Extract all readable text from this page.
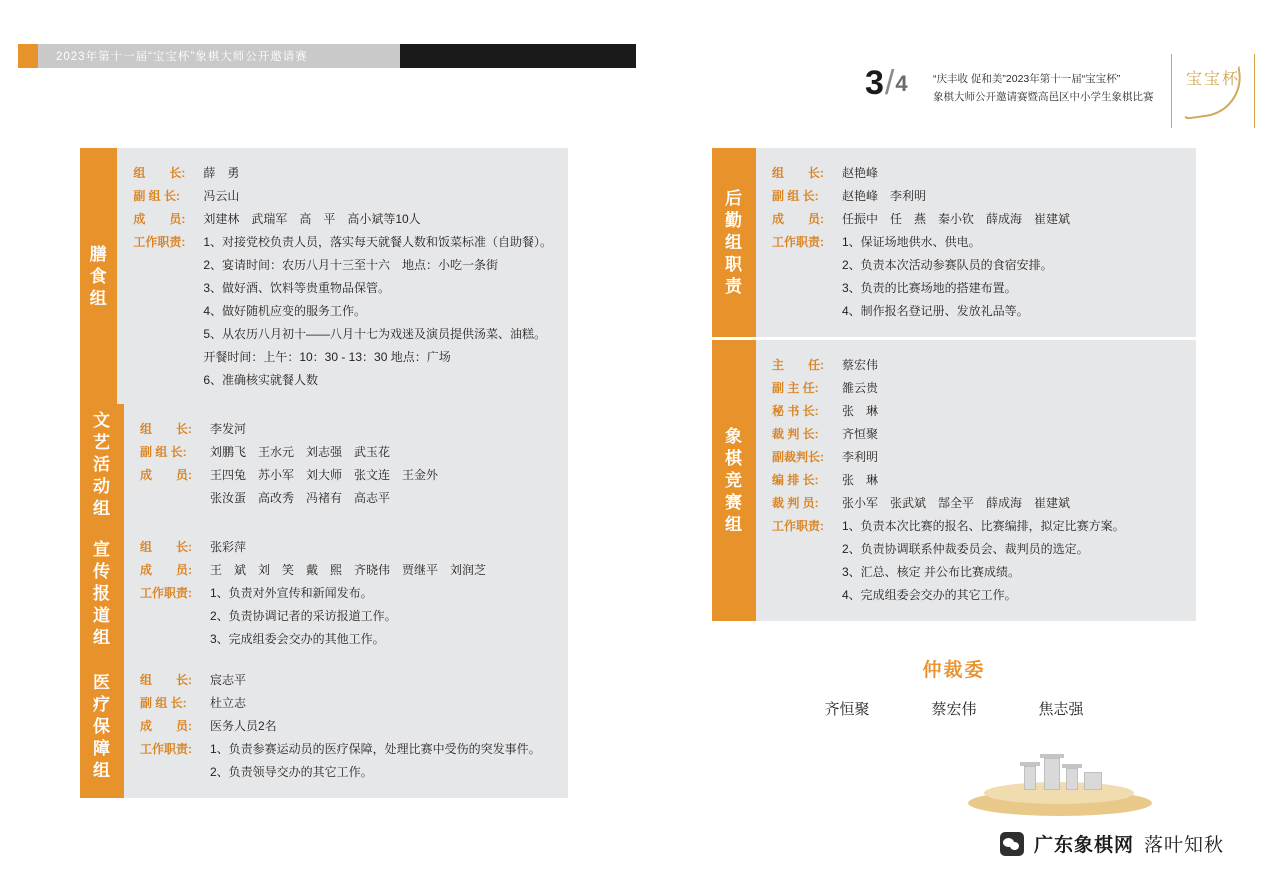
2023年第十一届“宝宝杯”象棋大师公开邀请赛
3 / 4 “庆丰收 促和美”2023年第十一届“宝宝杯”
象棋大师公开邀请赛暨高邑区中小学生象棋比赛
宝宝杯
膳食组
组　　长:	薛　勇
副 组 长:	冯云山
成　　员:	刘建林　武瑞军　高　平　高小斌等10人
工作职责:	1、对接党校负责人员，落实每天就餐人数和饭菜标准（自助餐）。
2、宴请时间：农历八月十三至十六　地点：小吃一条街
3、做好酒、饮料等贵重物品保管。
4、做好随机应变的服务工作。
5、从农历八月初十——八月十七为戏迷及演员提供汤菜、油糕。
开餐时间：上午：10：30 - 13：30 地点：广场
6、准确核实就餐人数
文艺活动组
组　　长:	李发河
副 组 长:	刘鹏飞　王水元　刘志强　武玉花
成　　员:	王四兔　苏小军　刘大师　张文连　王金外
张汝蛋　高改秀　冯褚有　高志平
宣传报道组
组　　长:	张彩萍
成　　员:	王　斌　刘　笑　戴　熙　齐晓伟　贾继平　刘润芝
工作职责:	1、负责对外宣传和新闻发布。
2、负责协调记者的采访报道工作。
3、完成组委会交办的其他工作。
医疗保障组
组　　长:	宸志平
副 组 长:	杜立志
成　　员:	医务人员2名
工作职责:	1、负责参赛运动员的医疗保障，处理比赛中受伤的突发事件。
2、负责领导交办的其它工作。
后勤组职责
组　　长:	赵艳峰
副 组 长:	赵艳峰　李利明
成　　员:	任振中　任　燕　秦小钦　薛成海　崔建斌
工作职责:	1、保证场地供水、供电。
2、负责本次活动参赛队员的食宿安排。
3、负责的比赛场地的搭建布置。
4、制作报名登记册、发放礼品等。
象棋竞赛组
主　　任:	蔡宏伟
副 主 任:	雒云贵
秘 书 长:	张　琳
裁 判 长:	齐恒聚
副裁判长:	李利明
编 排 长:	张　琳
裁 判 员:	张小军　张武斌　郜全平　薛成海　崔建斌
工作职责:	1、负责本次比赛的报名、比赛编排，拟定比赛方案。
2、负责协调联系仲裁委员会、裁判员的选定。
3、汇总、核定 并公布比赛成绩。
4、完成组委会交办的其它工作。
仲裁委
齐恒聚	蔡宏伟	焦志强
广东象棋网 落叶知秋
